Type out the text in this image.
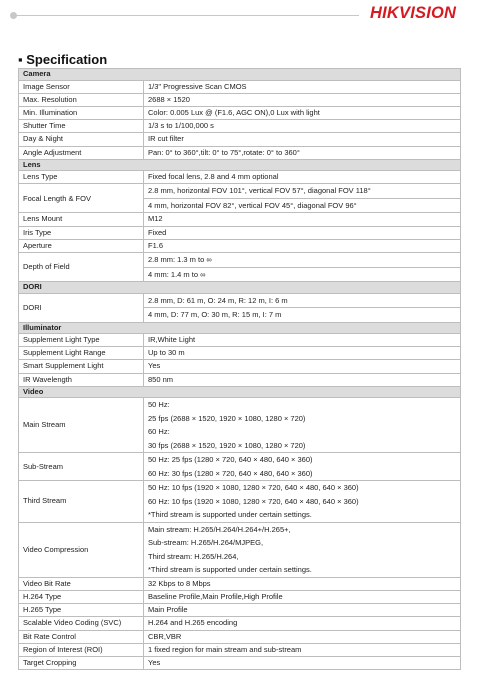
HIKVISION
▪ Specification
Camera	
Image Sensor	1/3" Progressive Scan CMOS
Max. Resolution	2688 × 1520
Min. Illumination	Color: 0.005 Lux @ (F1.6, AGC ON),0 Lux with light
Shutter Time	1/3 s to 1/100,000 s
Day & Night	IR cut filter
Angle Adjustment	Pan: 0° to 360°,tilt: 0° to 75°,rotate: 0° to 360°
Lens	
Lens Type	Fixed focal lens, 2.8 and 4 mm optional
Focal Length & FOV	2.8 mm, horizontal FOV 101°, vertical FOV 57°, diagonal FOV 118°
	4 mm, horizontal FOV 82°, vertical FOV 45°, diagonal FOV 96°
Lens Mount	M12
Iris Type	Fixed
Aperture	F1.6
Depth of Field	2.8 mm: 1.3 m to ∞
	4 mm: 1.4 m to ∞
DORI	
DORI	2.8 mm, D: 61 m, O: 24 m, R: 12 m, I: 6 m
	4 mm, D: 77 m, O: 30 m, R: 15 m, I: 7 m
Illuminator	
Supplement Light Type	IR,White Light
Supplement Light Range	Up to 30 m
Smart Supplement Light	Yes
IR Wavelength	850 nm
Video	
Main Stream	50 Hz:
25 fps (2688 × 1520, 1920 × 1080, 1280 × 720)
60 Hz:
30 fps (2688 × 1520, 1920 × 1080, 1280 × 720)

Sub-Stream	50 Hz: 25 fps (1280 × 720, 640 × 480, 640 × 360)
60 Hz: 30 fps (1280 × 720, 640 × 480, 640 × 360)

Third Stream	50 Hz: 10 fps (1920 × 1080, 1280 × 720, 640 × 480, 640 × 360)
60 Hz: 10 fps (1920 × 1080, 1280 × 720, 640 × 480, 640 × 360)
*Third stream is supported under certain settings.

Video Compression	Main stream: H.265/H.264/H.264+/H.265+,
Sub-stream: H.265/H.264/MJPEG,
Third stream: H.265/H.264,
*Third stream is supported under certain settings.

Video Bit Rate	32 Kbps to 8 Mbps
H.264 Type	Baseline Profile,Main Profile,High Profile
H.265 Type	Main Profile
Scalable Video Coding (SVC)	H.264 and H.265 encoding
Bit Rate Control	CBR,VBR
Region of Interest (ROI)	1 fixed region for main stream and sub-stream
Target Cropping	Yes
